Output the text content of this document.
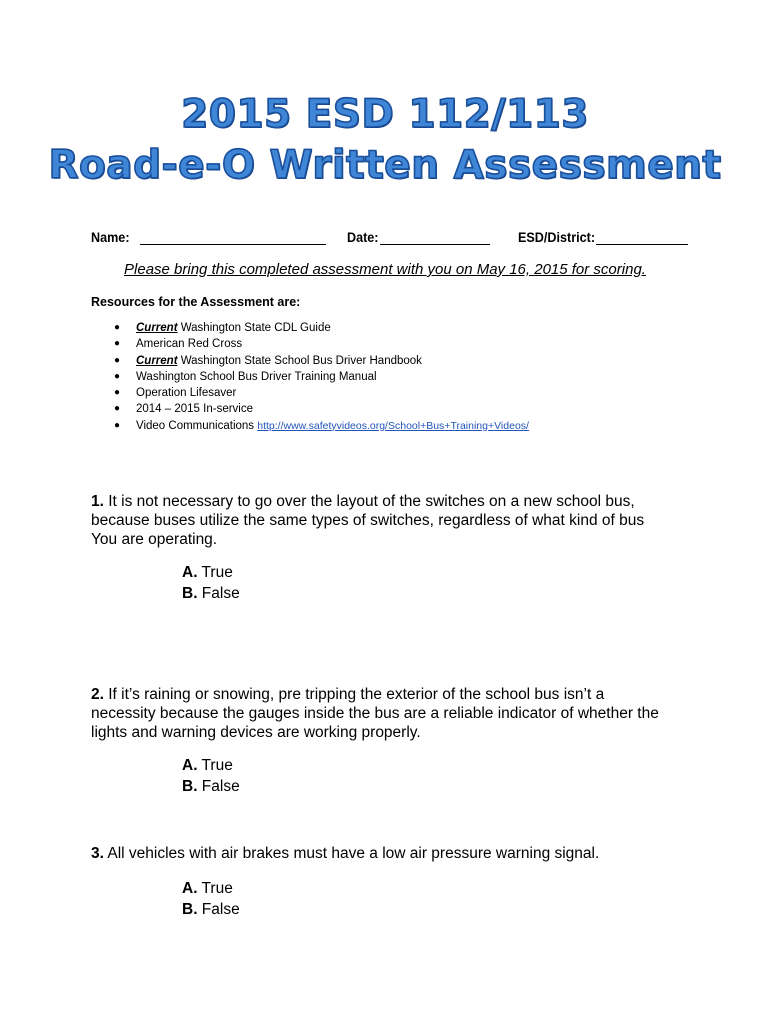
2015 ESD 112/113
Road-e-O Written Assessment
Name:	Date:	ESD/District:
Please bring this completed assessment with you on May 16, 2015 for scoring.
Resources for the Assessment are:
● Current Washington State CDL Guide
● American Red Cross
● Current Washington State School Bus Driver Handbook
● Washington School Bus Driver Training Manual
● Operation Lifesaver
● 2014 – 2015 In-service
● Video Communications http://www.safetyvideos.org/School+Bus+Training+Videos/
1. It is not necessary to go over the layout of the switches on a new school bus,
because buses utilize the same types of switches, regardless of what kind of bus
You are operating.
A. True
B. False
2. If it’s raining or snowing, pre tripping the exterior of the school bus isn’t a
necessity because the gauges inside the bus are a reliable indicator of whether the
lights and warning devices are working properly.
A. True
B. False
3. All vehicles with air brakes must have a low air pressure warning signal.
A. True
B. False
